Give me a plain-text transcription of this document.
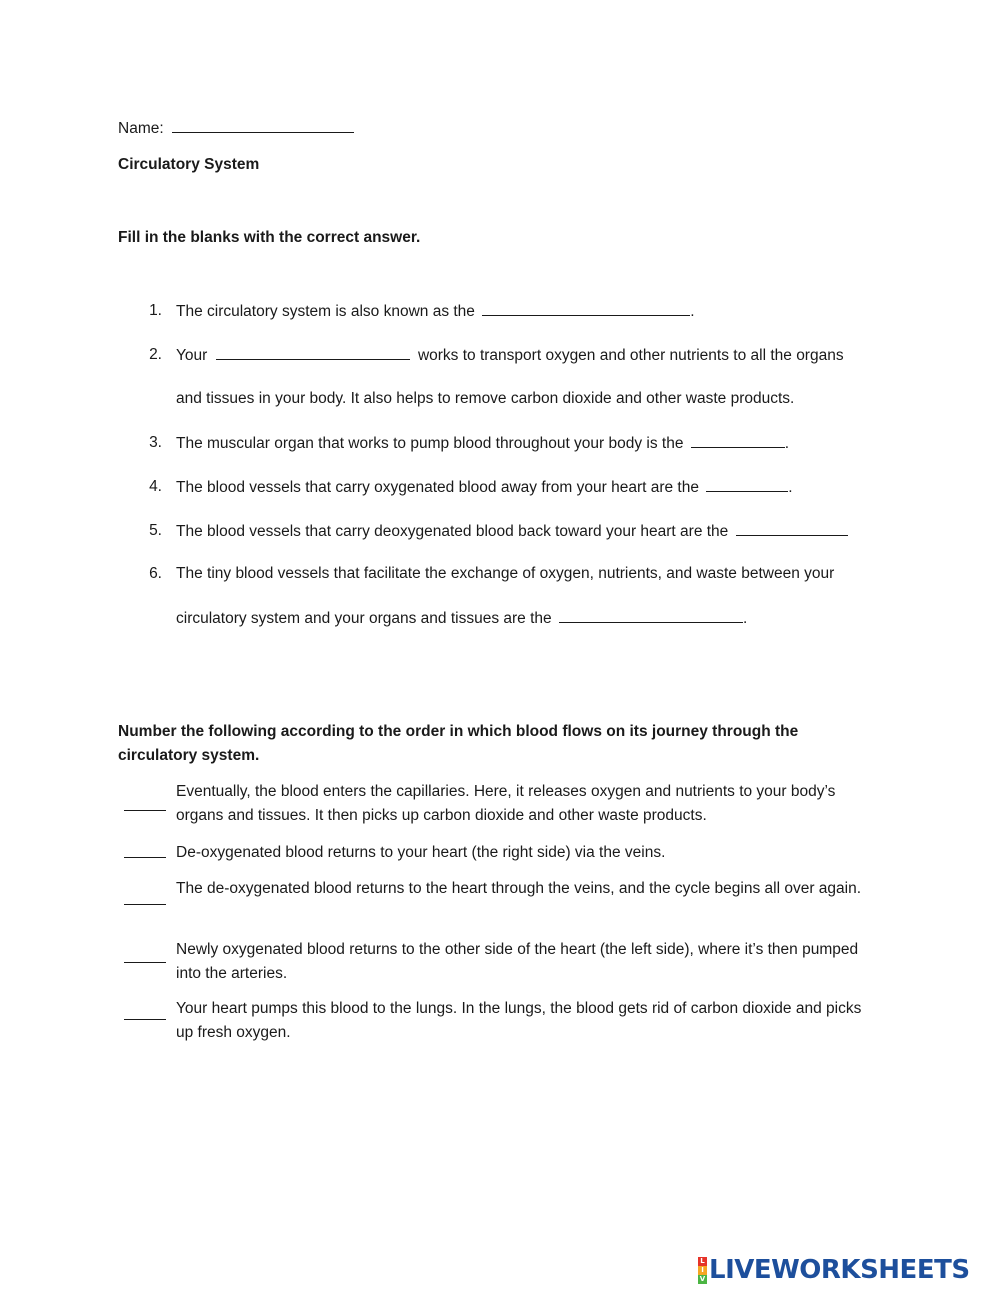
Name:
Circulatory System
Fill in the blanks with the correct answer.
1. The circulatory system is also known as the	.
2. Your	works to transport oxygen and other nutrients to all the organs
and tissues in your body. It also helps to remove carbon dioxide and other waste products.
3. The muscular organ that works to pump blood throughout your body is the	.
4. The blood vessels that carry oxygenated blood away from your heart are the	.
5. The blood vessels that carry deoxygenated blood back toward your heart are the
6. The tiny blood vessels that facilitate the exchange of oxygen, nutrients, and waste between your
circulatory system and your organs and tissues are the	.
Number the following according to the order in which blood flows on its journey through the
circulatory system.
Eventually, the blood enters the capillaries. Here, it releases oxygen and nutrients to your body’s organs and tissues. It then picks up carbon dioxide and other waste products.
De-oxygenated blood returns to your heart (the right side) via the veins.
The de-oxygenated blood returns to the heart through the veins, and the cycle begins all over again.
Newly oxygenated blood returns to the other side of the heart (the left side), where it’s then pumped into the arteries.
Your heart pumps this blood to the lungs. In the lungs, the blood gets rid of carbon dioxide and picks up fresh oxygen.
L
I
V LIVEWORKSHEETS
